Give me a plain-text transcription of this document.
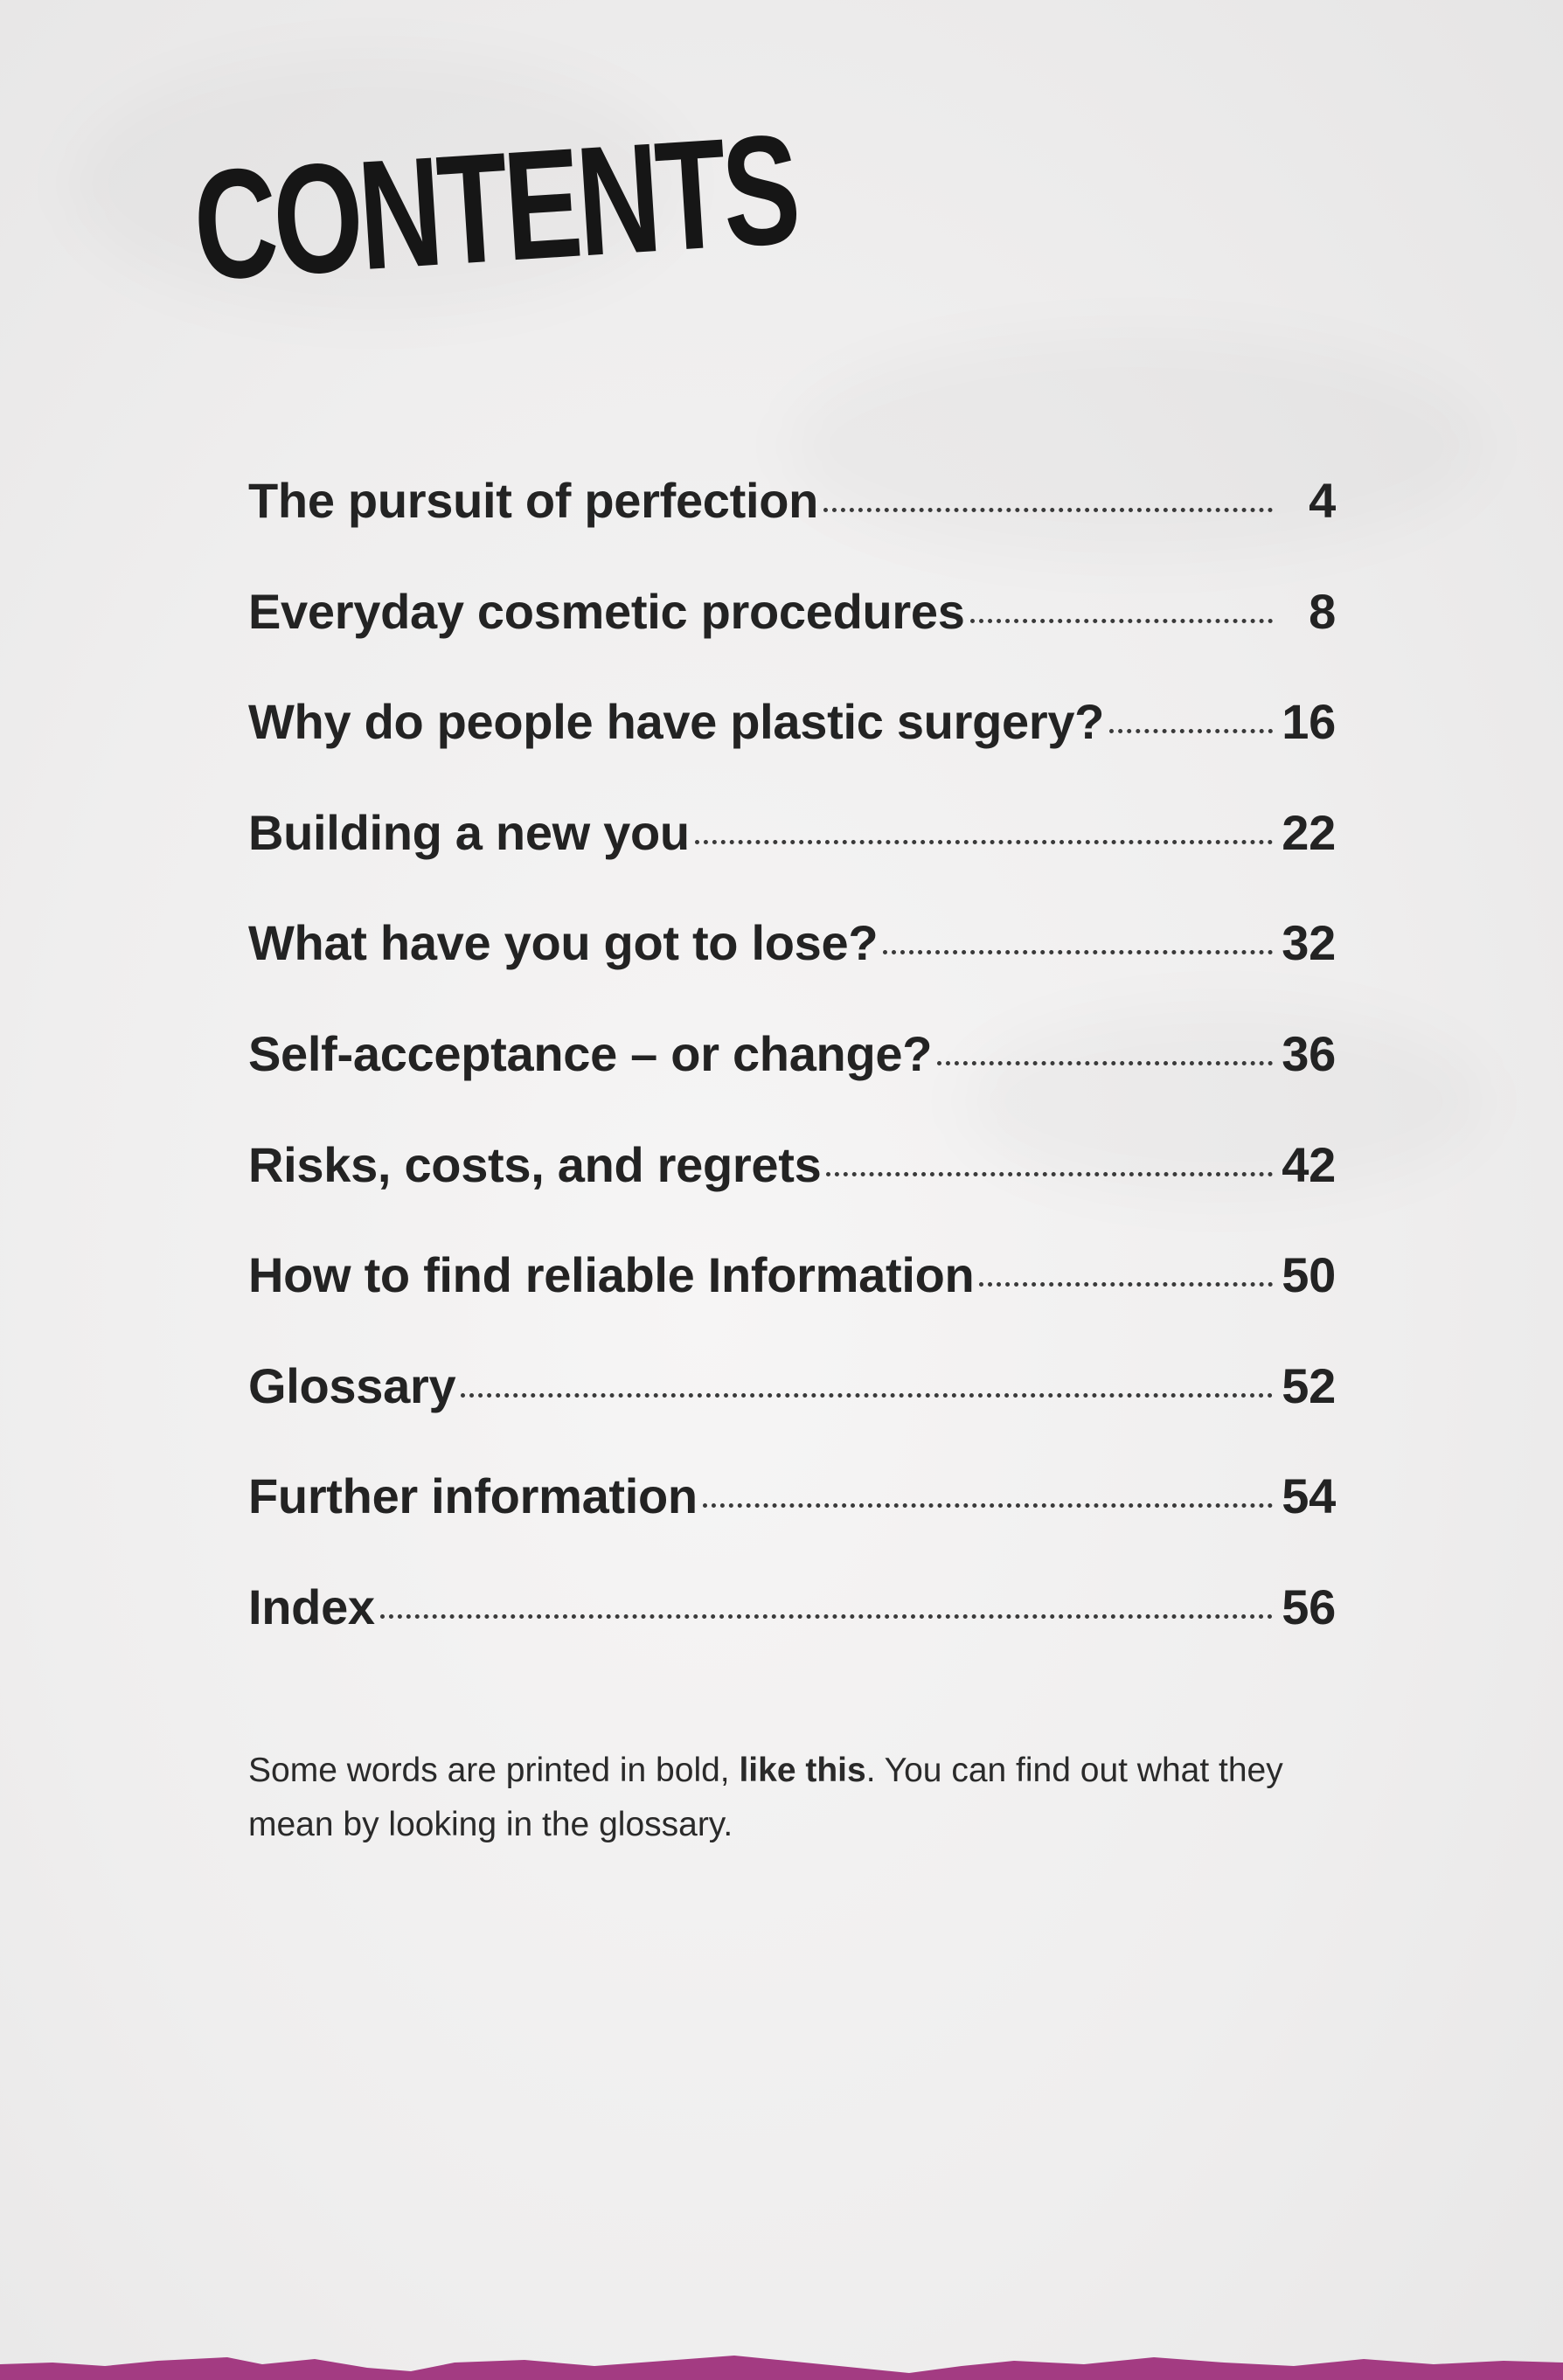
CONTENTS
The pursuit of perfection	4
Everyday cosmetic procedures	8
Why do people have plastic surgery?	16
Building a new you	22
What have you got to lose?	32
Self-acceptance – or change?	36
Risks, costs, and regrets	42
How to find reliable Information	50
Glossary	52
Further information	54
Index	56

Some words are printed in bold, like this. You can find out what they mean by looking in the glossary.
